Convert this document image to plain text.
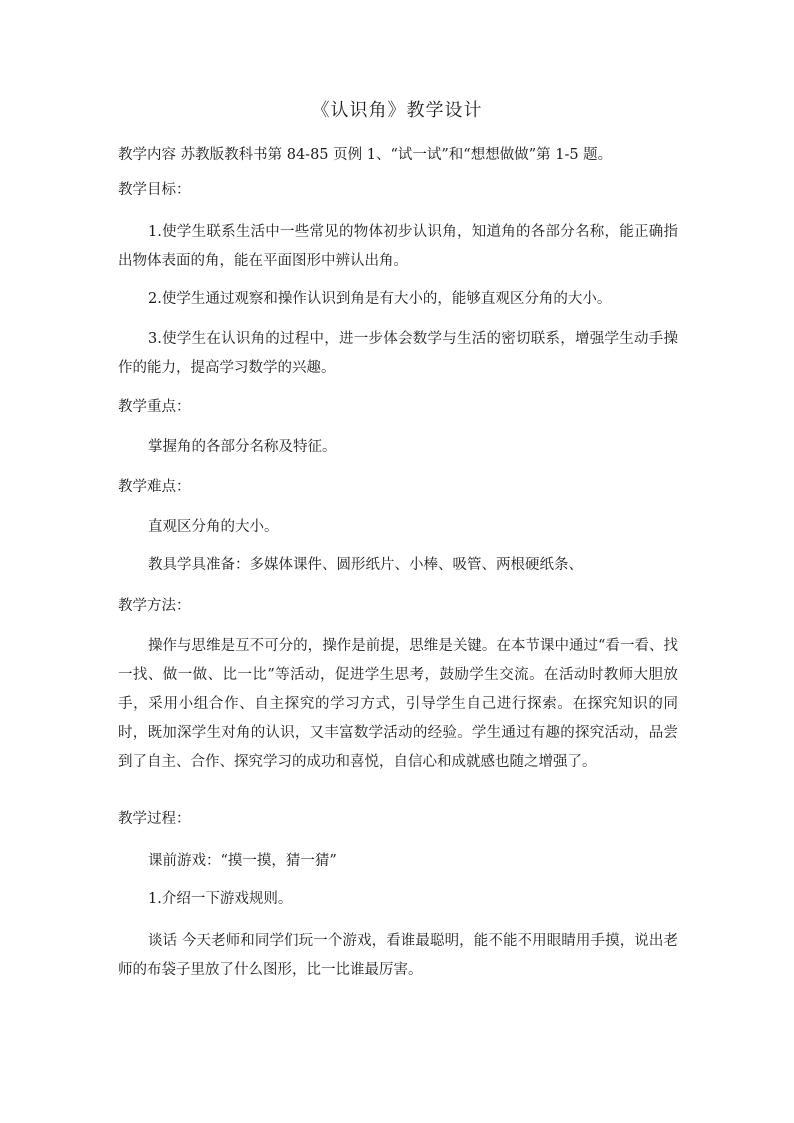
《认识角》教学设计

教学内容 苏教版教科书第 84-85 页例 1、“试一试”和“想想做做”第 1-5 题。

教学目标：

1.使学生联系生活中一些常见的物体初步认识角，知道角的各部分名称，能正确指出物体表面的角，能在平面图形中辨认出角。

2.使学生通过观察和操作认识到角是有大小的，能够直观区分角的大小。

3.使学生在认识角的过程中，进一步体会数学与生活的密切联系，增强学生动手操作的能力，提高学习数学的兴趣。

教学重点：

掌握角的各部分名称及特征。

教学难点：

直观区分角的大小。

教具学具准备：多媒体课件、圆形纸片、小棒、吸管、两根硬纸条、

教学方法：

操作与思维是互不可分的，操作是前提，思维是关键。在本节课中通过“看一看、找一找、做一做、比一比”等活动，促进学生思考，鼓励学生交流。在活动时教师大胆放手，采用小组合作、自主探究的学习方式，引导学生自己进行探索。在探究知识的同时，既加深学生对角的认识，又丰富数学活动的经验。学生通过有趣的探究活动，品尝到了自主、合作、探究学习的成功和喜悦，自信心和成就感也随之增强了。

教学过程：

课前游戏：“摸一摸，猜一猜”

1.介绍一下游戏规则。

谈话 今天老师和同学们玩一个游戏，看谁最聪明，能不能不用眼睛用手摸，说出老师的布袋子里放了什么图形，比一比谁最厉害。
